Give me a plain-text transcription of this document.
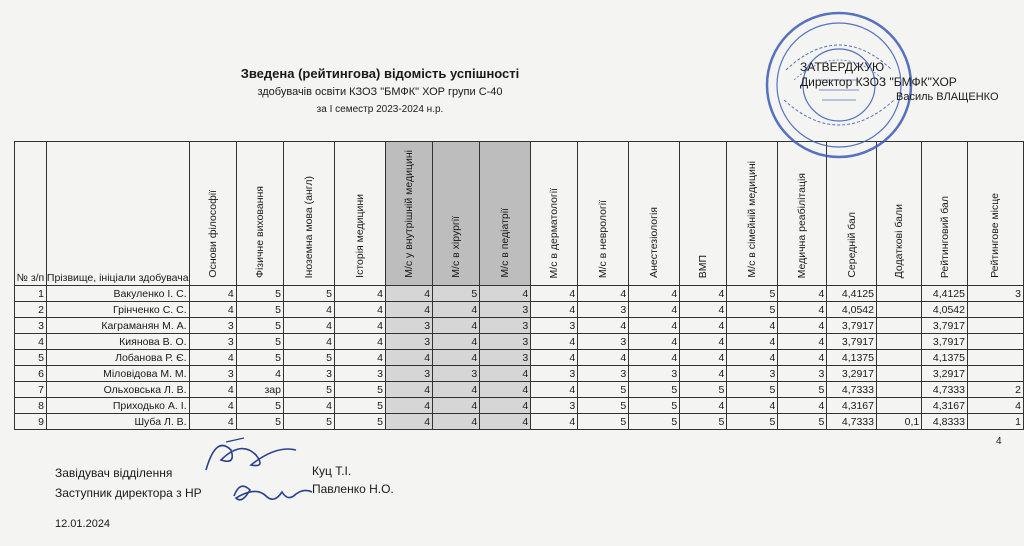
Зведена (рейтингова) відомість успішності
здобувачів освіти КЗОЗ "БМФК" ХОР групи С-40
за І семестр 2023-2024 н.р.
ЗАТВЕРДЖУЮ
Директор КЗОЗ "БМФК"ХОР
Василь ВЛАЩЕНКО
№ з/п	Прізвище, ініціали здобувача	Основи філософії	Фізичне виховання	Іноземна мова (англ)	Історія медицини	М/с у внутрішній медицині	М/с в хірургії	М/с в педіатрії	М/с в дерматології	М/с в неврології	Анестезіологія	ВМП	М/с в сімейній медицині	Медична реабілітація	Середній бал	Додаткові бали	Рейтинговий бал	Рейтингове місце
1	Вакуленко І. С.	4	5	5	4	4	5	4	4	4	4	4	5	4	4,4125		4,4125	3
2	Грінченко С. С.	4	5	4	4	4	4	3	4	3	4	4	5	4	4,0542		4,0542	
3	Каграманян М. А.	3	5	4	4	3	4	3	3	4	4	4	4	4	3,7917		3,7917	
4	Киянова В. О.	3	5	4	4	3	4	3	4	3	4	4	4	4	3,7917		3,7917	
5	Лобанова Р. Є.	4	5	5	4	4	4	3	4	4	4	4	4	4	4,1375		4,1375	
6	Міловідова М. М.	3	4	3	3	3	3	4	3	3	3	4	3	3	3,2917		3,2917	
7	Ольховська Л. В.	4	зар	5	5	4	4	4	4	5	5	5	5	5	4,7333		4,7333	2
8	Приходько А. І.	4	5	4	5	4	4	4	3	5	5	4	4	4	4,3167		4,3167	4
9	Шуба Л. В.	4	5	5	5	4	4	4	4	5	5	5	5	5	4,7333	0,1	4,8333	1
4
Завідувач відділення	Куц Т.І.
Заступник директора з НР	Павленко Н.О.
12.01.2024
